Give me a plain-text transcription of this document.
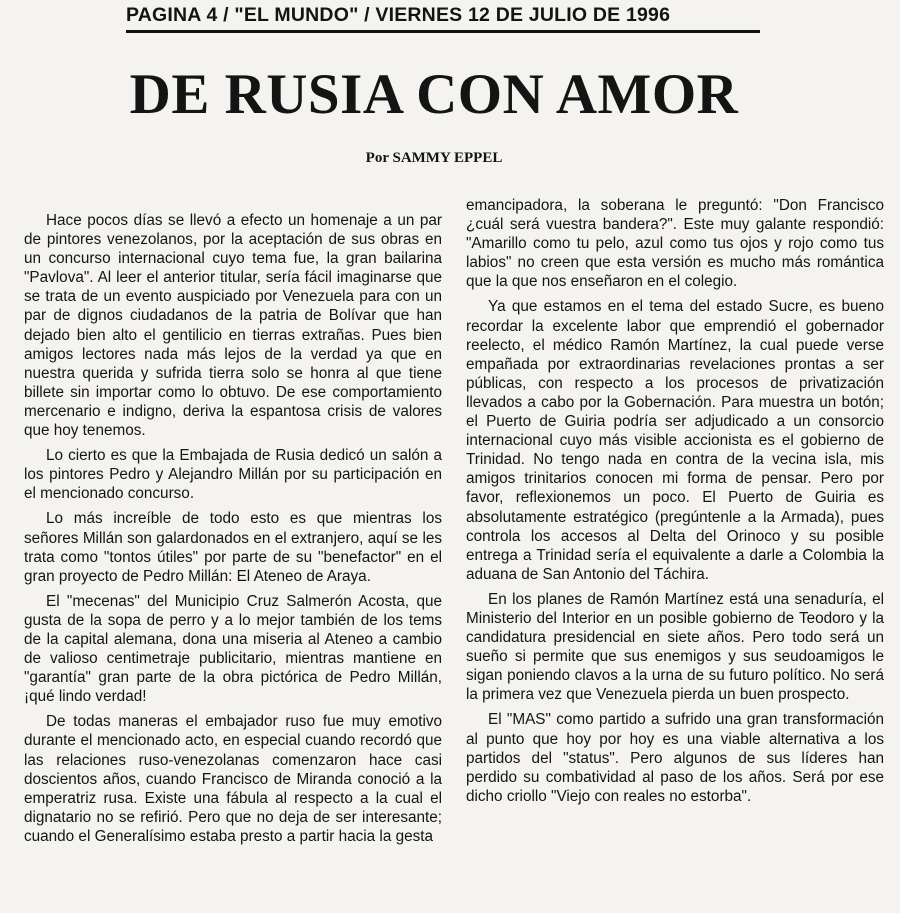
PAGINA 4 / "EL MUNDO" / VIERNES 12 DE JULIO DE 1996
DE RUSIA CON AMOR
Por SAMMY EPPEL

Hace pocos días se llevó a efecto un homenaje a un par de pintores venezolanos, por la aceptación de sus obras en un concurso internacional cuyo tema fue, la gran bailarina "Pavlova". Al leer el anterior titular, sería fácil imaginarse que se trata de un evento auspiciado por Venezuela para con un par de dignos ciudadanos de la patria de Bolívar que han dejado bien alto el gentilicio en tierras extrañas. Pues bien amigos lectores nada más lejos de la verdad ya que en nuestra querida y sufrida tierra solo se honra al que tiene billete sin importar como lo obtuvo. De ese comportamiento mercenario e indigno, deriva la espantosa crisis de valores que hoy tenemos.

Lo cierto es que la Embajada de Rusia dedicó un salón a los pintores Pedro y Alejandro Millán por su participación en el mencionado concurso.

Lo más increíble de todo esto es que mientras los señores Millán son galardonados en el extranjero, aquí se les trata como "tontos útiles" por parte de su "benefactor" en el gran proyecto de Pedro Millán: El Ateneo de Araya.

El "mecenas" del Municipio Cruz Salmerón Acosta, que gusta de la sopa de perro y a lo mejor también de los tems de la capital alemana, dona una miseria al Ateneo a cambio de valioso centimetraje publicitario, mientras mantiene en "garantía" gran parte de la obra pictórica de Pedro Millán, ¡qué lindo verdad!

De todas maneras el embajador ruso fue muy emotivo durante el mencionado acto, en especial cuando recordó que las relaciones ruso-venezolanas comenzaron hace casi doscientos años, cuando Francisco de Miranda conoció a la emperatriz rusa. Existe una fábula al respecto a la cual el dignatario no se refirió. Pero que no deja de ser interesante; cuando el Generalísimo estaba presto a partir hacia la gesta

emancipadora, la soberana le preguntó: "Don Francisco ¿cuál será vuestra bandera?". Este muy galante respondió: "Amarillo como tu pelo, azul como tus ojos y rojo como tus labios" no creen que esta versión es mucho más romántica que la que nos enseñaron en el colegio.

Ya que estamos en el tema del estado Sucre, es bueno recordar la excelente labor que emprendió el gobernador reelecto, el médico Ramón Martínez, la cual puede verse empañada por extraordinarias revelaciones prontas a ser públicas, con respecto a los procesos de privatización llevados a cabo por la Gobernación. Para muestra un botón; el Puerto de Guiria podría ser adjudicado a un consorcio internacional cuyo más visible accionista es el gobierno de Trinidad. No tengo nada en contra de la vecina isla, mis amigos trinitarios conocen mi forma de pensar. Pero por favor, reflexionemos un poco. El Puerto de Guiria es absolutamente estratégico (pregúntenle a la Armada), pues controla los accesos al Delta del Orinoco y su posible entrega a Trinidad sería el equivalente a darle a Colombia la aduana de San Antonio del Táchira.

En los planes de Ramón Martínez está una senaduría, el Ministerio del Interior en un posible gobierno de Teodoro y la candidatura presidencial en siete años. Pero todo será un sueño si permite que sus enemigos y sus seudoamigos le sigan poniendo clavos a la urna de su futuro político. No será la primera vez que Venezuela pierda un buen prospecto.

El "MAS" como partido a sufrido una gran transformación al punto que hoy por hoy es una viable alternativa a los partidos del "status". Pero algunos de sus líderes han perdido su combatividad al paso de los años. Será por ese dicho criollo "Viejo con reales no estorba".
